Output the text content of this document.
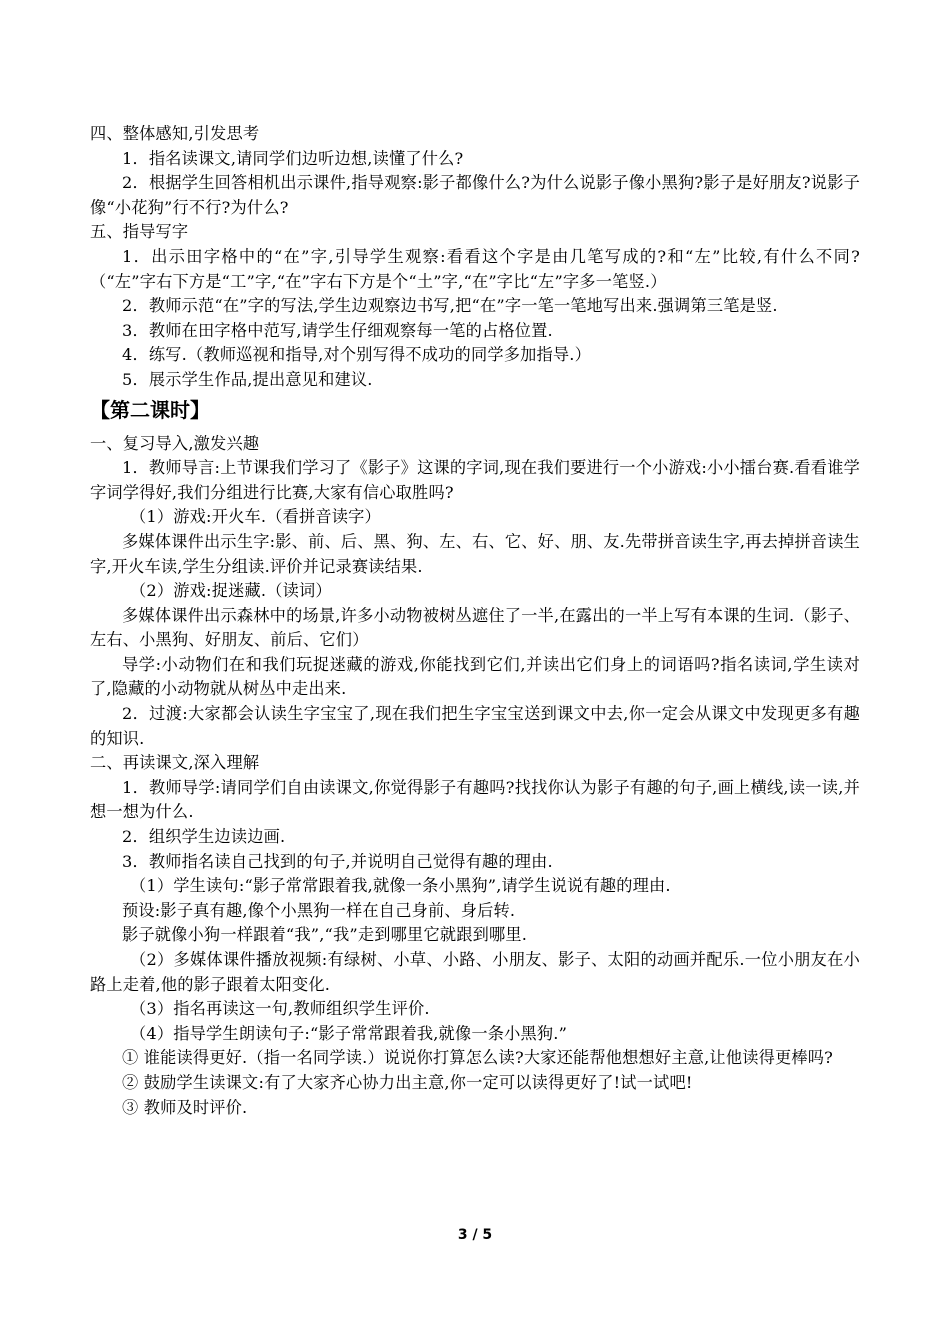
四、整体感知,引发思考
1．指名读课文,请同学们边听边想,读懂了什么?
2．根据学生回答相机出示课件,指导观察:影子都像什么?为什么说影子像小黑狗?影子是好朋友?说影子像“小花狗”行不行?为什么?
五、指导写字
1．出示田字格中的“在”字,引导学生观察:看看这个字是由几笔写成的?和“左”比较,有什么不同?（“左”字右下方是“工”字,“在”字右下方是个“土”字,“在”字比“左”字多一笔竖.）
2．教师示范“在”字的写法,学生边观察边书写,把“在”字一笔一笔地写出来.强调第三笔是竖.
3．教师在田字格中范写,请学生仔细观察每一笔的占格位置.
4．练写.（教师巡视和指导,对个别写得不成功的同学多加指导.）
5．展示学生作品,提出意见和建议.
【第二课时】
一、复习导入,激发兴趣
1．教师导言:上节课我们学习了《影子》这课的字词,现在我们要进行一个小游戏:小小擂台赛.看看谁学字词学得好,我们分组进行比赛,大家有信心取胜吗?
（1）游戏:开火车.（看拼音读字）
多媒体课件出示生字:影、前、后、黑、狗、左、右、它、好、朋、友.先带拼音读生字,再去掉拼音读生字,开火车读,学生分组读.评价并记录赛读结果.
（2）游戏:捉迷藏.（读词）
多媒体课件出示森林中的场景,许多小动物被树丛遮住了一半,在露出的一半上写有本课的生词.（影子、左右、小黑狗、好朋友、前后、它们）
导学:小动物们在和我们玩捉迷藏的游戏,你能找到它们,并读出它们身上的词语吗?指名读词,学生读对了,隐藏的小动物就从树丛中走出来.
2．过渡:大家都会认读生字宝宝了,现在我们把生字宝宝送到课文中去,你一定会从课文中发现更多有趣的知识.
二、再读课文,深入理解
1．教师导学:请同学们自由读课文,你觉得影子有趣吗?找找你认为影子有趣的句子,画上横线,读一读,并想一想为什么.
2．组织学生边读边画.
3．教师指名读自己找到的句子,并说明自己觉得有趣的理由.
（1）学生读句:“影子常常跟着我,就像一条小黑狗”,请学生说说有趣的理由.
预设:影子真有趣,像个小黑狗一样在自己身前、身后转.
影子就像小狗一样跟着“我”,“我”走到哪里它就跟到哪里.
（2）多媒体课件播放视频:有绿树、小草、小路、小朋友、影子、太阳的动画并配乐.一位小朋友在小路上走着,他的影子跟着太阳变化.
（3）指名再读这一句,教师组织学生评价.
（4）指导学生朗读句子:“影子常常跟着我,就像一条小黑狗.”
① 谁能读得更好.（指一名同学读.）说说你打算怎么读?大家还能帮他想想好主意,让他读得更棒吗?
② 鼓励学生读课文:有了大家齐心协力出主意,你一定可以读得更好了!试一试吧!
③ 教师及时评价.
3 / 5
